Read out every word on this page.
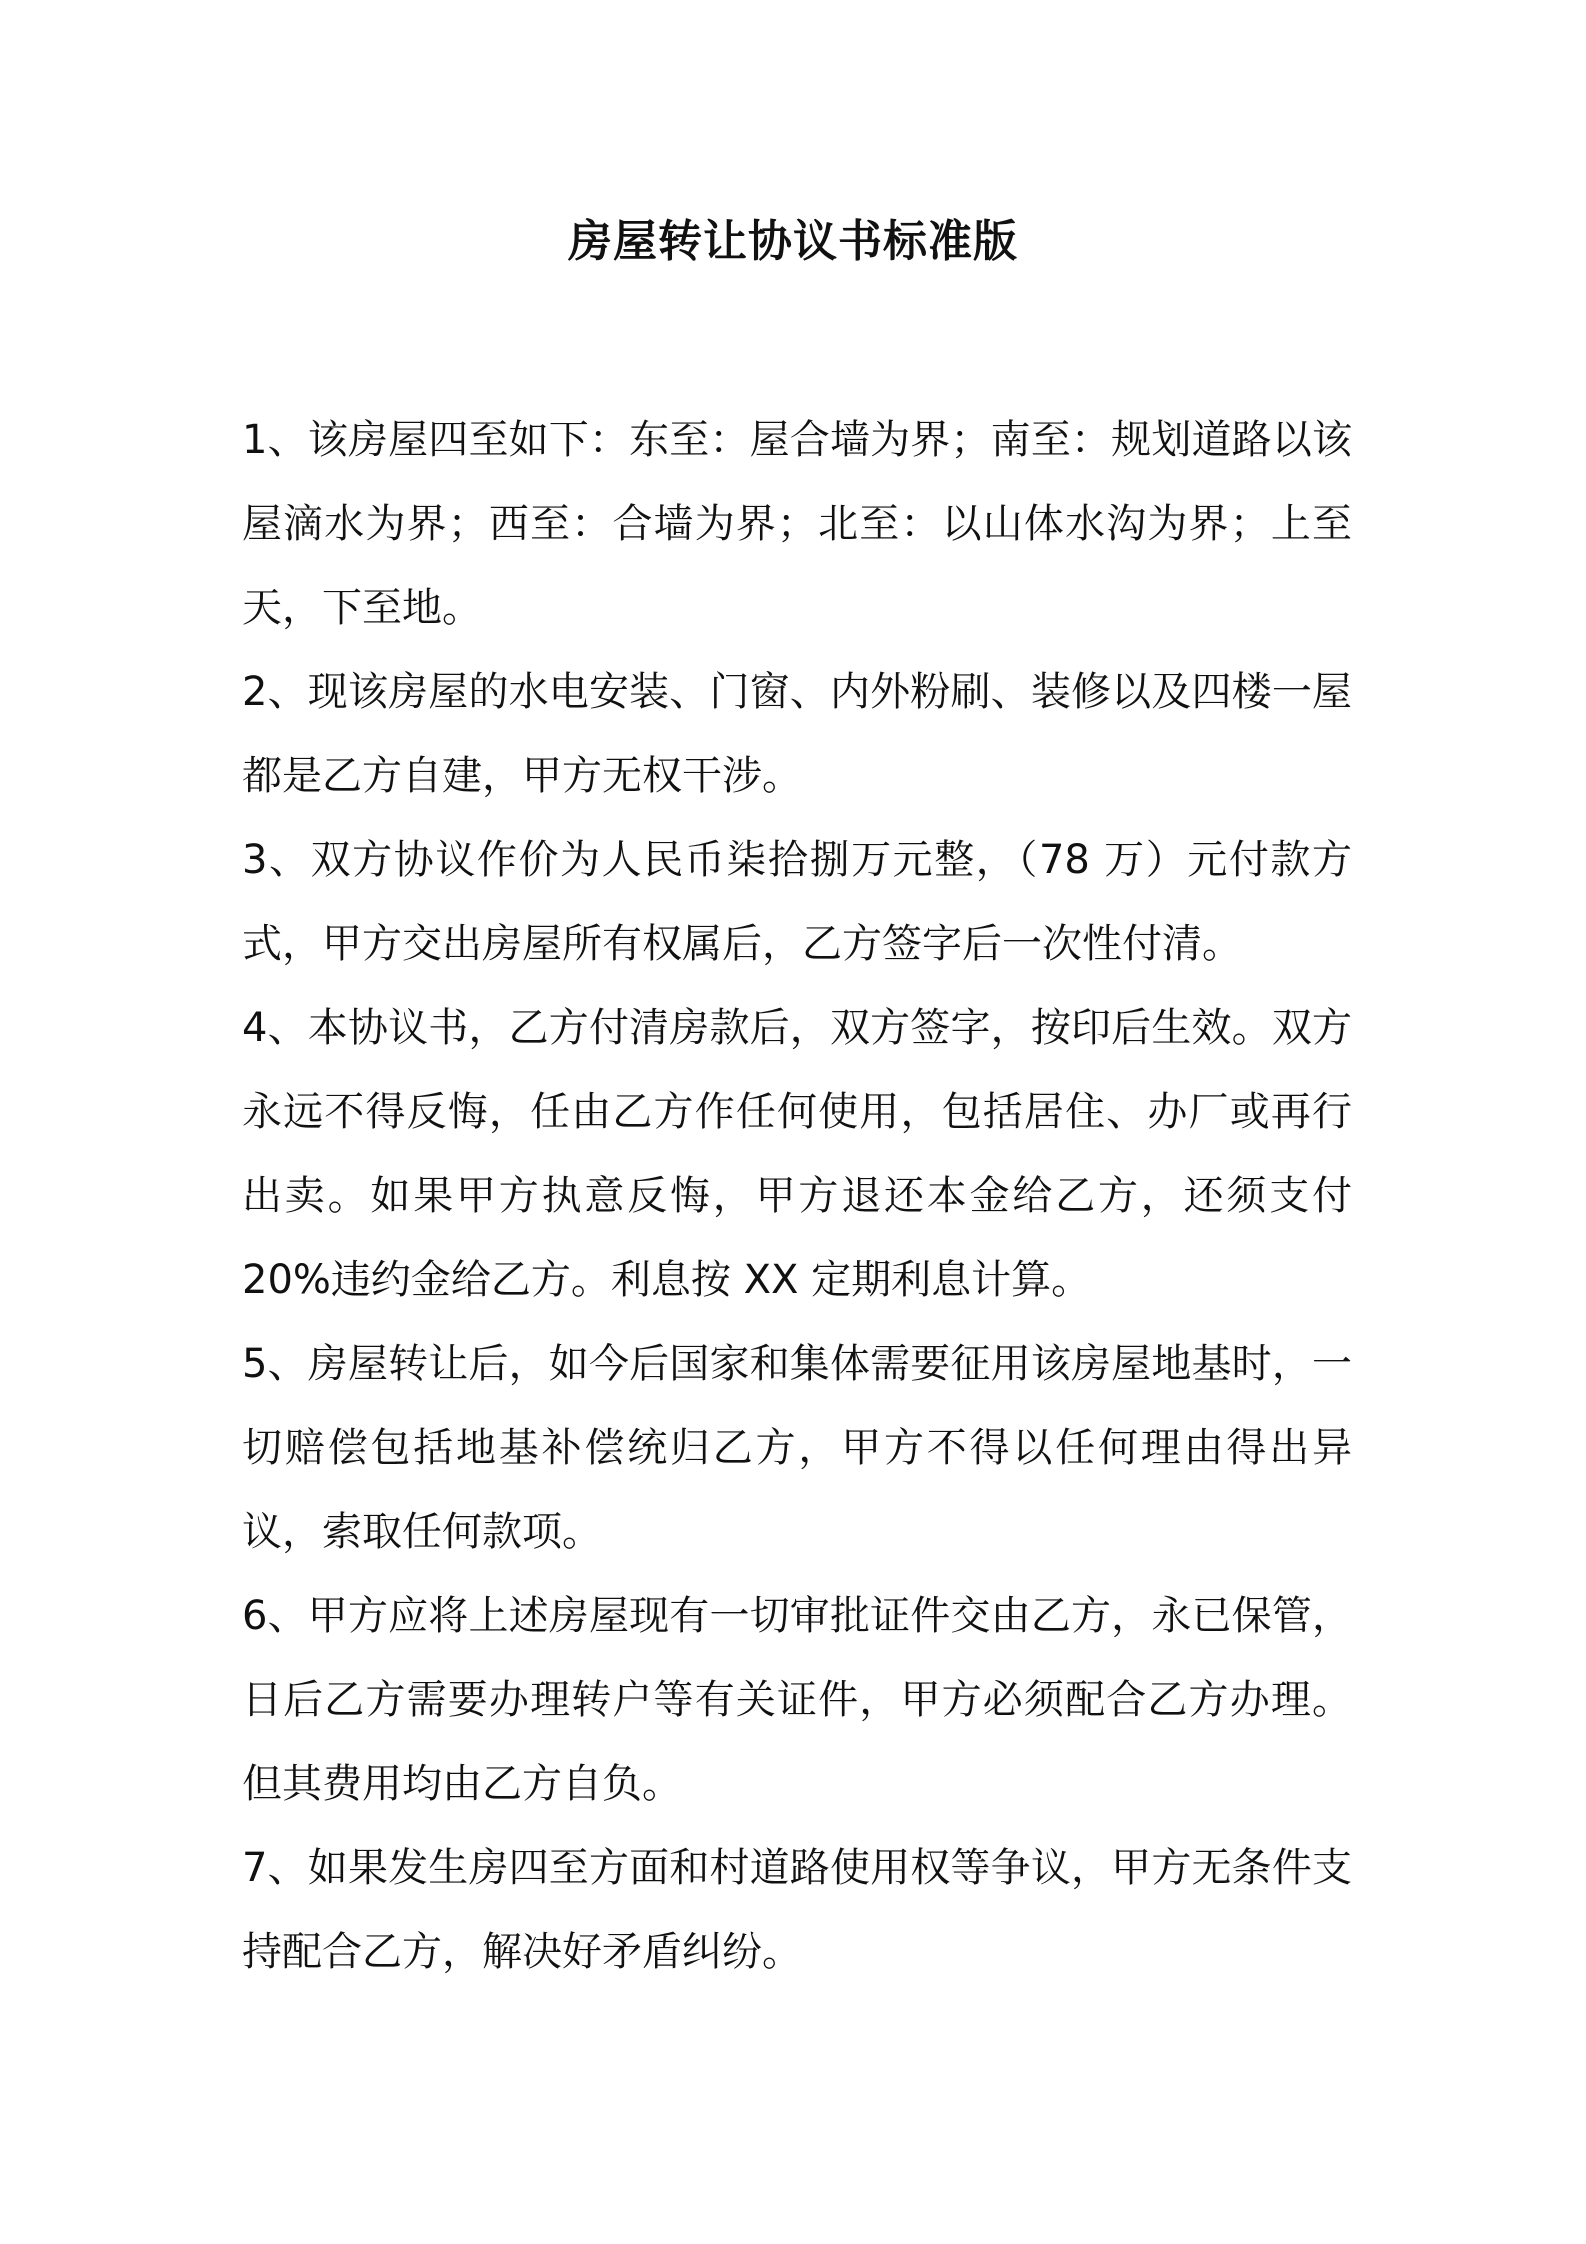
房屋转让协议书标准版
1、该房屋四至如下：东至：屋合墙为界；南至：规划道路以该屋滴水为界；西至：合墙为界；北至：以山体水沟为界；上至天，下至地。
2、现该房屋的水电安装、门窗、内外粉刷、装修以及四楼一屋都是乙方自建，甲方无权干涉。
3、双方协议作价为人民币柒拾捌万元整，（78 万）元付款方式，甲方交出房屋所有权属后，乙方签字后一次性付清。
4、本协议书，乙方付清房款后，双方签字，按印后生效。双方永远不得反悔，任由乙方作任何使用，包括居住、办厂或再行出卖。如果甲方执意反悔，甲方退还本金给乙方，还须支付 20%违约金给乙方。利息按 XX 定期利息计算。
5、房屋转让后，如今后国家和集体需要征用该房屋地基时，一切赔偿包括地基补偿统归乙方，甲方不得以任何理由得出异议，索取任何款项。
6、甲方应将上述房屋现有一切审批证件交由乙方，永已保管，日后乙方需要办理转户等有关证件，甲方必须配合乙方办理。但其费用均由乙方自负。
7、如果发生房四至方面和村道路使用权等争议，甲方无条件支持配合乙方，解决好矛盾纠纷。
